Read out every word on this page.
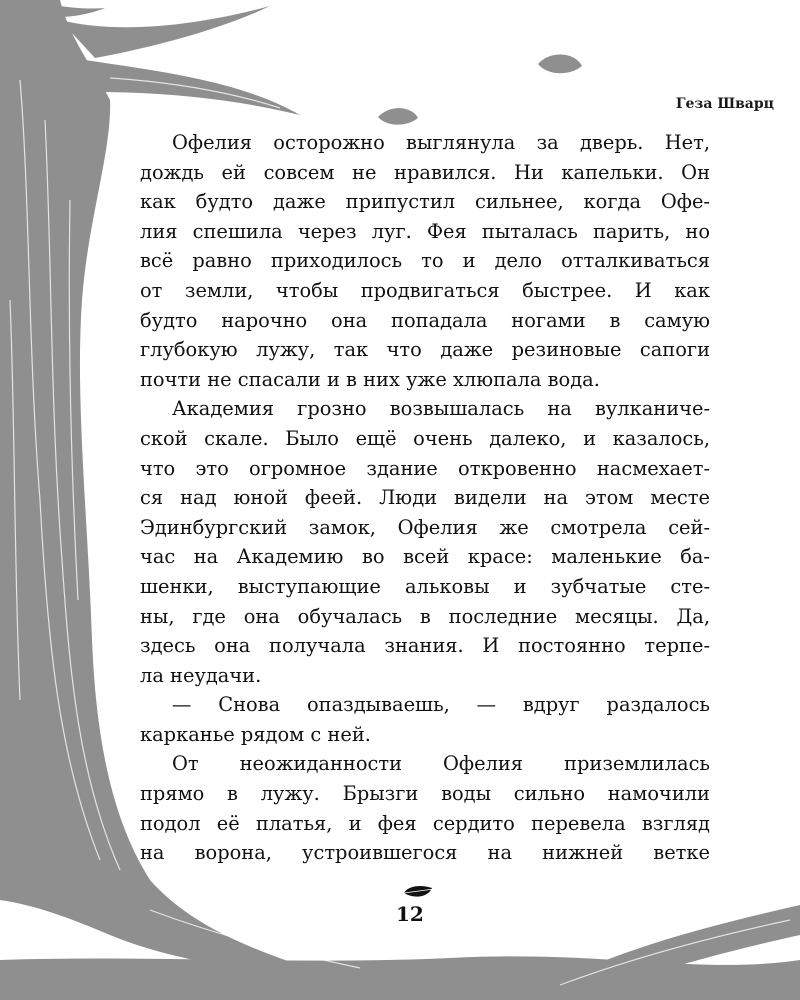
Геза Шварц
Офелия осторожно выглянула за дверь. Нет,
дождь ей совсем не нравился. Ни капельки. Он
как будто даже припустил сильнее, когда Офе-
лия спешила через луг. Фея пыталась парить, но
всё равно приходилось то и дело отталкиваться
от земли, чтобы продвигаться быстрее. И как
будто нарочно она попадала ногами в самую
глубокую лужу, так что даже резиновые сапоги
почти не спасали и в них уже хлюпала вода.
Академия грозно возвышалась на вулканиче-
ской скале. Было ещё очень далеко, и казалось,
что это огромное здание откровенно насмехает-
ся над юной феей. Люди видели на этом месте
Эдинбургский замок, Офелия же смотрела сей-
час на Академию во всей красе: маленькие ба-
шенки, выступающие альковы и зубчатые сте-
ны, где она обучалась в последние месяцы. Да,
здесь она получала знания. И постоянно терпе-
ла неудачи.
— Снова опаздываешь, — вдруг раздалось
карканье рядом с ней.
От неожиданности Офелия приземлилась
прямо в лужу. Брызги воды сильно намочили
подол её платья, и фея сердито перевела взгляд
на ворона, устроившегося на нижней ветке
12
